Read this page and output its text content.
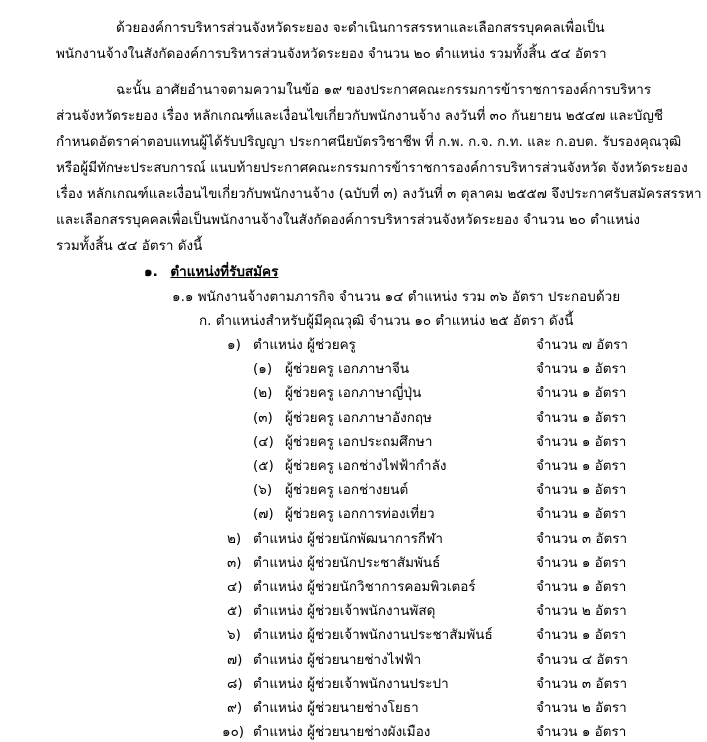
ด้วยองค์การบริหารส่วนจังหวัดระยอง จะดำเนินการสรรหาและเลือกสรรบุคคลเพื่อเป็น
พนักงานจ้างในสังกัดองค์การบริหารส่วนจังหวัดระยอง จำนวน ๒๐ ตำแหน่ง รวมทั้งสิ้น ๕๔ อัตรา
ฉะนั้น อาศัยอำนาจตามความในข้อ ๑๙ ของประกาศคณะกรรมการข้าราชการองค์การบริหาร
ส่วนจังหวัดระยอง เรื่อง หลักเกณฑ์และเงื่อนไขเกี่ยวกับพนักงานจ้าง ลงวันที่ ๓๐ กันยายน ๒๕๔๗ และบัญชี
กำหนดอัตราค่าตอบแทนผู้ได้รับปริญญา ประกาศนียบัตรวิชาชีพ ที่ ก.พ. ก.จ. ก.ท. และ ก.อบต. รับรองคุณวุฒิ
หรือผู้มีทักษะประสบการณ์ แนบท้ายประกาศคณะกรรมการข้าราชการองค์การบริหารส่วนจังหวัด จังหวัดระยอง
เรื่อง หลักเกณฑ์และเงื่อนไขเกี่ยวกับพนักงานจ้าง (ฉบับที่ ๓) ลงวันที่ ๓ ตุลาคม ๒๕๕๗ จึงประกาศรับสมัครสรรหา
และเลือกสรรบุคคลเพื่อเป็นพนักงานจ้างในสังกัดองค์การบริหารส่วนจังหวัดระยอง จำนวน ๒๐ ตำแหน่ง
รวมทั้งสิ้น ๕๔ อัตรา ดังนี้
๑. ตำแหน่งที่รับสมัคร
๑.๑ พนักงานจ้างตามภารกิจ จำนวน ๑๔ ตำแหน่ง รวม ๓๖ อัตรา ประกอบด้วย
ก. ตำแหน่งสำหรับผู้มีคุณวุฒิ จำนวน ๑๐ ตำแหน่ง ๒๕ อัตรา ดังนี้
๑) ตำแหน่ง ผู้ช่วยครู	จำนวน ๗ อัตรา
(๑) ผู้ช่วยครู เอกภาษาจีน	จำนวน ๑ อัตรา
(๒) ผู้ช่วยครู เอกภาษาญี่ปุ่น	จำนวน ๑ อัตรา
(๓) ผู้ช่วยครู เอกภาษาอังกฤษ	จำนวน ๑ อัตรา
(๔) ผู้ช่วยครู เอกประถมศึกษา	จำนวน ๑ อัตรา
(๕) ผู้ช่วยครู เอกช่างไฟฟ้ากำลัง	จำนวน ๑ อัตรา
(๖) ผู้ช่วยครู เอกช่างยนต์	จำนวน ๑ อัตรา
(๗) ผู้ช่วยครู เอกการท่องเที่ยว	จำนวน ๑ อัตรา
๒) ตำแหน่ง ผู้ช่วยนักพัฒนาการกีฬา	จำนวน ๓ อัตรา
๓) ตำแหน่ง ผู้ช่วยนักประชาสัมพันธ์	จำนวน ๑ อัตรา
๔) ตำแหน่ง ผู้ช่วยนักวิชาการคอมพิวเตอร์	จำนวน ๑ อัตรา
๕) ตำแหน่ง ผู้ช่วยเจ้าพนักงานพัสดุ	จำนวน ๒ อัตรา
๖) ตำแหน่ง ผู้ช่วยเจ้าพนักงานประชาสัมพันธ์	จำนวน ๑ อัตรา
๗) ตำแหน่ง ผู้ช่วยนายช่างไฟฟ้า	จำนวน ๔ อัตรา
๘) ตำแหน่ง ผู้ช่วยเจ้าพนักงานประปา	จำนวน ๓ อัตรา
๙) ตำแหน่ง ผู้ช่วยนายช่างโยธา	จำนวน ๒ อัตรา
๑๐) ตำแหน่ง ผู้ช่วยนายช่างผังเมือง	จำนวน ๑ อัตรา
